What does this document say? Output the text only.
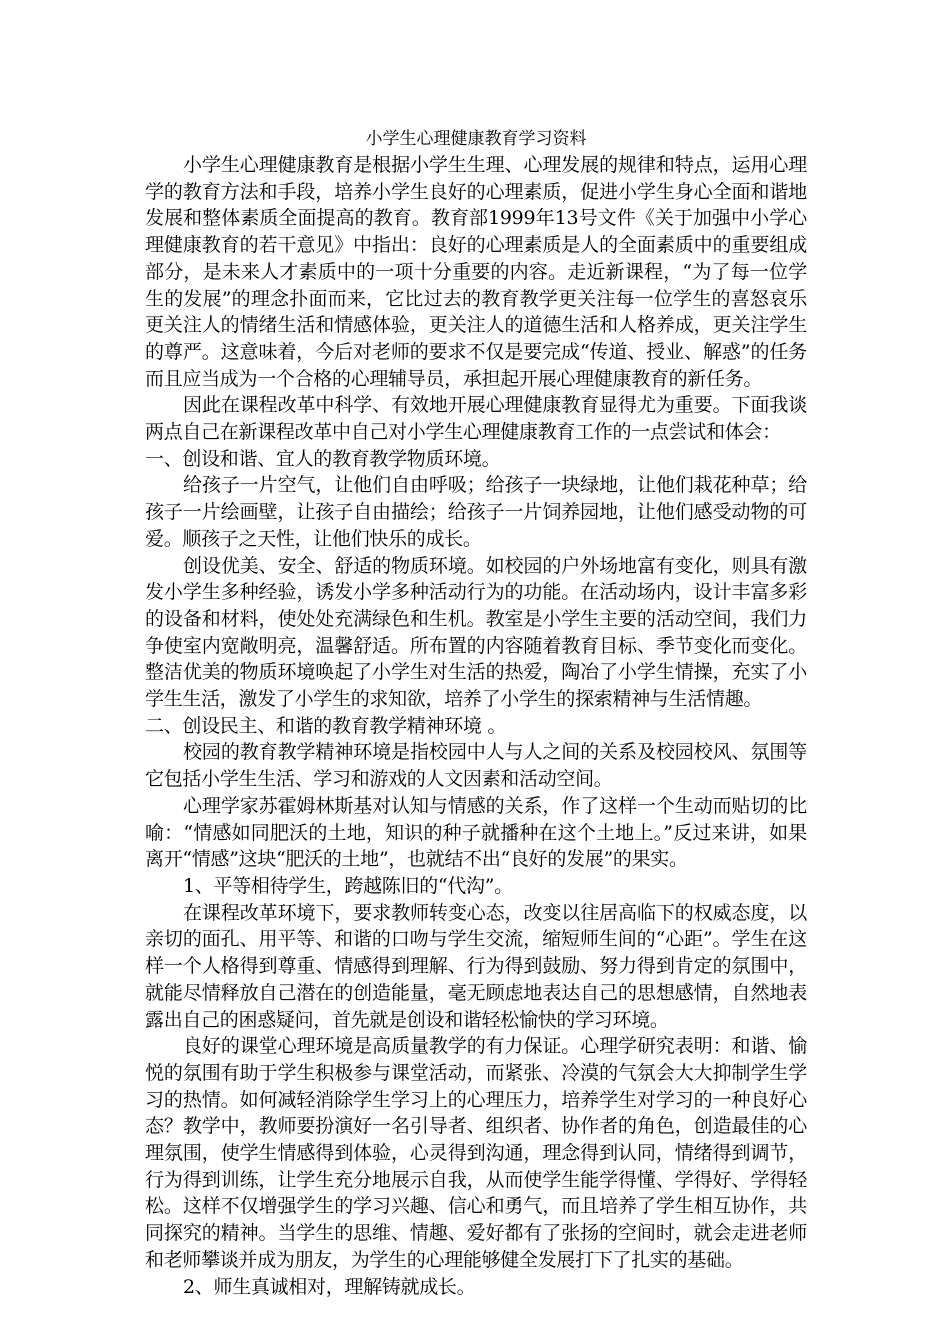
小学生心理健康教育学习资料

小学生心理健康教育是根据小学生生理、心理发展的规律和特点，运用心理学的教育方法和手段，培养小学生良好的心理素质，促进小学生身心全面和谐地发展和整体素质全面提高的教育。教育部1999年13号文件《关于加强中小学心理健康教育的若干意见》中指出：良好的心理素质是人的全面素质中的重要组成部分，是未来人才素质中的一项十分重要的内容。走近新课程，“为了每一位学生的发展”的理念扑面而来，它比过去的教育教学更关注每一位学生的喜怒哀乐更关注人的情绪生活和情感体验，更关注人的道德生活和人格养成，更关注学生的尊严。这意味着，今后对老师的要求不仅是要完成“传道、授业、解惑”的任务而且应当成为一个合格的心理辅导员，承担起开展心理健康教育的新任务。

因此在课程改革中科学、有效地开展心理健康教育显得尤为重要。下面我谈两点自己在新课程改革中自己对小学生心理健康教育工作的一点尝试和体会：

一、创设和谐、宜人的教育教学物质环境。

给孩子一片空气，让他们自由呼吸；给孩子一块绿地，让他们栽花种草；给孩子一片绘画壁，让孩子自由描绘；给孩子一片饲养园地，让他们感受动物的可爱。顺孩子之天性，让他们快乐的成长。

创设优美、安全、舒适的物质环境。如校园的户外场地富有变化，则具有激发小学生多种经验，诱发小学多种活动行为的功能。在活动场内，设计丰富多彩的设备和材料，使处处充满绿色和生机。教室是小学生主要的活动空间，我们力争使室内宽敞明亮，温馨舒适。所布置的内容随着教育目标、季节变化而变化。整洁优美的物质环境唤起了小学生对生活的热爱，陶冶了小学生情操，充实了小学生生活，激发了小学生的求知欲，培养了小学生的探索精神与生活情趣。

二、创设民主、和谐的教育教学精神环境 。

校园的教育教学精神环境是指校园中人与人之间的关系及校园校风、氛围等它包括小学生生活、学习和游戏的人文因素和活动空间。

心理学家苏霍姆林斯基对认知与情感的关系，作了这样一个生动而贴切的比喻：“情感如同肥沃的土地，知识的种子就播种在这个土地上。”反过来讲，如果离开“情感”这块“肥沃的土地”，也就结不出“良好的发展”的果实。

1、平等相待学生，跨越陈旧的“代沟”。

在课程改革环境下，要求教师转变心态，改变以往居高临下的权威态度，以亲切的面孔、用平等、和谐的口吻与学生交流，缩短师生间的“心距”。学生在这样一个人格得到尊重、情感得到理解、行为得到鼓励、努力得到肯定的氛围中，就能尽情释放自己潜在的创造能量，毫无顾虑地表达自己的思想感情，自然地表露出自己的困惑疑问，首先就是创设和谐轻松愉快的学习环境。

良好的课堂心理环境是高质量教学的有力保证。心理学研究表明：和谐、愉悦的氛围有助于学生积极参与课堂活动，而紧张、冷漠的气氛会大大抑制学生学习的热情。如何减轻消除学生学习上的心理压力，培养学生对学习的一种良好心态？教学中，教师要扮演好一名引导者、组织者、协作者的角色，创造最佳的心理氛围，使学生情感得到体验，心灵得到沟通，理念得到认同，情绪得到调节，行为得到训练，让学生充分地展示自我，从而使学生能学得懂、学得好、学得轻松。这样不仅增强学生的学习兴趣、信心和勇气，而且培养了学生相互协作，共同探究的精神。当学生的思维、情趣、爱好都有了张扬的空间时，就会走进老师和老师攀谈并成为朋友，为学生的心理能够健全发展打下了扎实的基础。

2、师生真诚相对，理解铸就成长。
